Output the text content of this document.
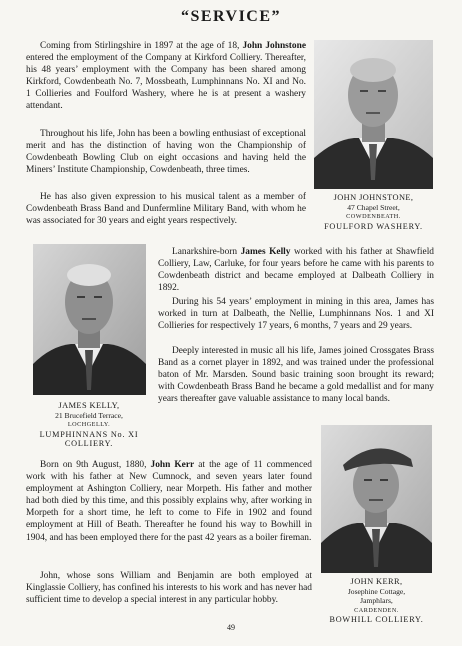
“SERVICE”

Coming from Stirlingshire in 1897 at the age of 18, John Johnstone entered the employment of the Company at Kirkford Colliery. Thereafter, his 48 years’ employment with the Company has been shared among Kirkford, Cowdenbeath No. 7, Mossbeath, Lumphinnans No. XI and No. 1 Collieries and Foulford Washery, where he is at present a washery attendant.

Throughout his life, John has been a bowling enthusiast of exceptional merit and has the distinction of having won the Championship of Cowdenbeath Bowling Club on eight occasions and having held the Miners’ Institute Championship, Cowdenbeath, three times.

He has also given expression to his musical talent as a member of Cowdenbeath Brass Band and Dunfermline Military Band, with whom he was associated for 30 years and eight years respectively.

JOHN JOHNSTONE,
47 Chapel Street,
COWDENBEATH.
FOULFORD WASHERY.
JAMES KELLY,
21 Brucefield Terrace,
LOCHGELLY.
LUMPHINNANS No. XI COLLIERY.

Lanarkshire-born James Kelly worked with his father at Shawfield Colliery, Law, Carluke, for four years before he came with his parents to Cowdenbeath district and became employed at Dalbeath Colliery in 1892.

During his 54 years’ employment in mining in this area, James has worked in turn at Dalbeath, the Nellie, Lumphinnans Nos. 1 and XI Collieries for respectively 17 years, 6 months, 7 years and 29 years.

Deeply interested in music all his life, James joined Crossgates Brass Band as a cornet player in 1892, and was trained under the professional baton of Mr. Marsden. Sound basic training soon brought its reward; with Cowdenbeath Brass Band he became a gold medallist and for many years thereafter gave valuable assistance to many local bands.

Born on 9th August, 1880, John Kerr at the age of 11 commenced work with his father at New Cumnock, and seven years later found employment at Ashington Colliery, near Morpeth. His father and mother had both died by this time, and this possibly explains why, after working in Morpeth for a short time, he left to come to Fife in 1902 and found employment at Hill of Beath. Thereafter he found his way to Bowhill in 1904, and has been employed there for the past 42 years as a boiler fireman.

John, whose sons William and Benjamin are both employed at Kinglassie Colliery, has confined his interests to his work and has never had sufficient time to develop a special interest in any particular hobby.

JOHN KERR,
Josephine Cottage,
Jamphlars,
CARDENDEN.
BOWHILL COLLIERY.
49
